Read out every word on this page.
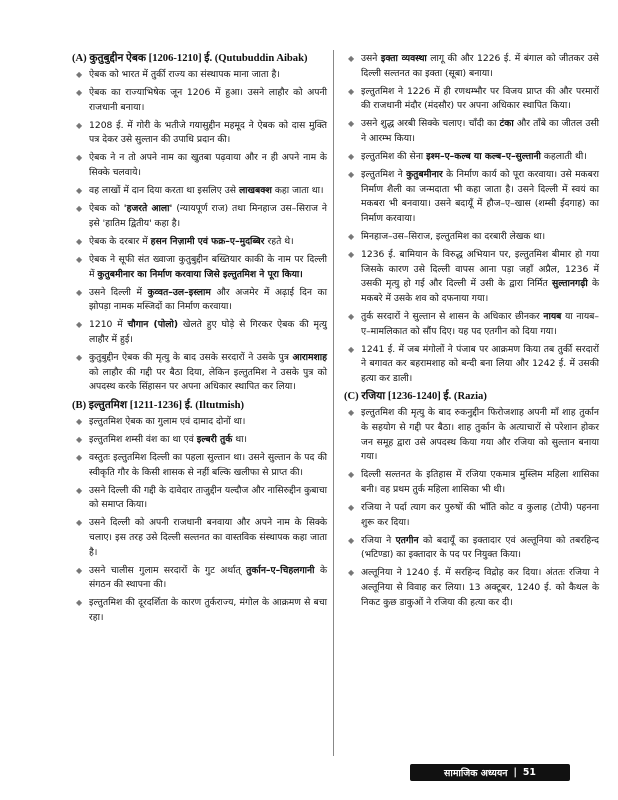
(A) कुतुबुद्दीन ऐबक [1206-1210] ई. (Qutubuddin Aibak)
◆ ऐबक को भारत में तुर्की राज्य का संस्थापक माना जाता है।
◆ ऐबक का राज्याभिषेक जून 1206 में हुआ। उसने लाहौर को अपनी राजधानी बनाया।
◆ 1208 ई. में गोरी के भतीजे गयासुद्दीन महमूद ने ऐबक को दास मुक्ति पत्र देकर उसे सुल्तान की उपाधि प्रदान की।
◆ ऐबक ने न तो अपने नाम का खुतबा पढ़वाया और न ही अपने नाम के सिक्के चलवाये।
◆ वह लाखों में दान दिया करता था इसलिए उसे लाखबक्श कहा जाता था।
◆ ऐबक को 'हजरते आला' (न्यायपूर्ण राज) तथा मिनहाज उस–सिराज ने इसे 'हातिम द्वितीय' कहा है।
◆ ऐबक के दरबार में हसन निज़ामी एवं फक्र–ए–मुदब्बिर रहते थे।
◆ ऐबक ने सूफी संत ख्वाजा कुतुबुद्दीन बख्तियार काकी के नाम पर दिल्ली में कुतुबमीनार का निर्माण करवाया जिसे इल्तुतमिश ने पूरा किया।
◆ उसने दिल्ली में कुव्वत–उल–इस्लाम और अजमेर में अढ़ाई दिन का झोपड़ा नामक मस्जिदों का निर्माण करवाया।
◆ 1210 में चौगान (पोलो) खेलते हुए घोड़े से गिरकर ऐबक की मृत्यु लाहौर में हुई।
◆ कुतुबुद्दीन ऐबक की मृत्यु के बाद उसके सरदारों ने उसके पुत्र आरामशाह को लाहौर की गद्दी पर बैठा दिया, लेकिन इल्तुतमिश ने उसके पुत्र को अपदस्थ करके सिंहासन पर अपना अधिकार स्थापित कर लिया।
(B) इल्तुतमिश [1211-1236] ई. (Iltutmish)
◆ इल्तुतमिश ऐबक का गुलाम एवं दामाद दोनों था।
◆ इल्तुतमिश शम्सी वंश का था एवं इल्बरी तुर्क था।
◆ वस्तुतः इल्तुतमिश दिल्ली का पहला सुल्तान था। उसने सुल्तान के पद की स्वीकृति गौर के किसी शासक से नहीं बल्कि खलीफा से प्राप्त की।
◆ उसने दिल्ली की गद्दी के दावेदार ताजुद्दीन यल्दौज और नासिरुद्दीन कुबाचा को समाप्त किया।
◆ उसने दिल्ली को अपनी राजधानी बनवाया और अपने नाम के सिक्के चलाए। इस तरह उसे दिल्ली सल्तनत का वास्तविक संस्थापक कहा जाता है।
◆ उसने चालीस गुलाम सरदारों के गुट अर्थात् तुर्कान–ए–चिहलगानी के संगठन की स्थापना की।
◆ इल्तुतमिश की दूरदर्शिता के कारण तुर्कराज्य, मंगोल के आक्रमण से बचा रहा।
◆ उसने इक्ता व्यवस्था लागू की और 1226 ई. में बंगाल को जीतकर उसे दिल्ली सल्तनत का इक्ता (सूबा) बनाया।
◆ इल्तुतमिश ने 1226 में ही रणथम्भौर पर विजय प्राप्त की और परमारों की राजधानी मंदौर (मंदसौर) पर अपना अधिकार स्थापित किया।
◆ उसने शुद्ध अरबी सिक्के चलाए। चाँदी का टंका और ताँबे का जीतल उसी ने आरम्भ किया।
◆ इल्तुतमिश की सेना इश्म–ए–कल्ब या कल्ब–ए–सुल्तानी कहलाती थी।
◆ इल्तुतमिश ने कुतुबमीनार के निर्माण कार्य को पूरा करवाया। उसे मकबरा निर्माण शैली का जन्मदाता भी कहा जाता है। उसने दिल्ली में स्वयं का मकबरा भी बनवाया। उसने बदायूँ में हौज–ए–खास (शम्सी ईदगाह) का निर्माण करवाया।
◆ मिनहाज–उस–सिराज, इल्तुतमिश का दरबारी लेखक था।
◆ 1236 ई. बामियान के विरुद्ध अभियान पर, इल्तुतमिश बीमार हो गया जिसके कारण उसे दिल्ली वापस आना पड़ा जहाँ अप्रैल, 1236 में उसकी मृत्यु हो गई और दिल्ली में उसी के द्वारा निर्मित सुल्तानगढ़ी के मकबरे में उसके शव को दफनाया गया।
◆ तुर्क सरदारों ने सुल्तान से शासन के अधिकार छीनकर नायब या नायब–ए–मामलिकात को सौंप दिए। यह पद एतगीन को दिया गया।
◆ 1241 ई. में जब मंगोलों ने पंजाब पर आक्रमण किया तब तुर्की सरदारों ने बगावत कर बहरामशाह को बन्दी बना लिया और 1242 ई. में उसकी हत्या कर डाली।
(C) रजिया [1236-1240] ई. (Razia)
◆ इल्तुतमिश की मृत्यु के बाद रुकनुद्दीन फिरोजशाह अपनी माँ शाह तुर्कान के सहयोग से गद्दी पर बैठा। शाह तुर्कान के अत्याचारों से परेशान होकर जन समूह द्वारा उसे अपदस्थ किया गया और रजिया को सुल्तान बनाया गया।
◆ दिल्ली सल्तनत के इतिहास में रजिया एकमात्र मुस्लिम महिला शासिका बनी। वह प्रथम तुर्क महिला शासिका भी थी।
◆ रजिया ने पर्दा त्याग कर पुरुषों की भाँति कोट व कुलाह (टोपी) पहनना शुरू कर दिया।
◆ रजिया ने एतगीन को बदायूँ का इक्तादार एवं अल्तूनिया को तबरहिन्द (भटिण्डा) का इक्तादार के पद पर नियुक्त किया।
◆ अल्तूनिया ने 1240 ई. में सरहिन्द विद्रोह कर दिया। अंततः रजिया ने अल्तूनिया से विवाह कर लिया। 13 अक्टूबर, 1240 ई. को कैथल के निकट कुछ डाकुओं ने रजिया की हत्या कर दी।
सामाजिक अध्ययन | 51
